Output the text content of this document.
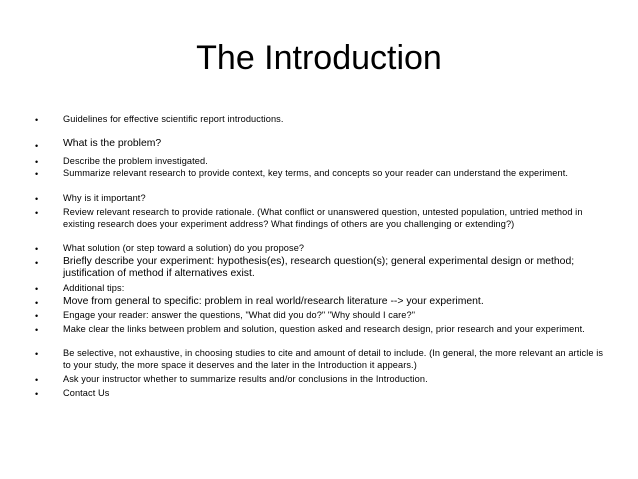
The Introduction
•	Guidelines for effective scientific report introductions.
• What is the problem?
•	Describe the problem investigated.
•	Summarize relevant research to provide context, key terms, and concepts so your reader can understand the experiment.
•	Why is it important?
•	Review relevant research to provide rationale. (What conflict or unanswered question, untested population, untried method in existing research does your experiment address? What findings of others are you challenging or extending?)
•	What solution (or step toward a solution) do you propose?
• Briefly describe your experiment: hypothesis(es), research question(s); general experimental design or method; justification of method if alternatives exist.
•	Additional tips:
• Move from general to specific: problem in real world/research literature --> your experiment.
•	Engage your reader: answer the questions, "What did you do?" "Why should I care?"
•	Make clear the links between problem and solution, question asked and research design, prior research and your experiment.
•	Be selective, not exhaustive, in choosing studies to cite and amount of detail to include. (In general, the more relevant an article is to your study, the more space it deserves and the later in the Introduction it appears.)
•	Ask your instructor whether to summarize results and/or conclusions in the Introduction.
•	Contact Us
